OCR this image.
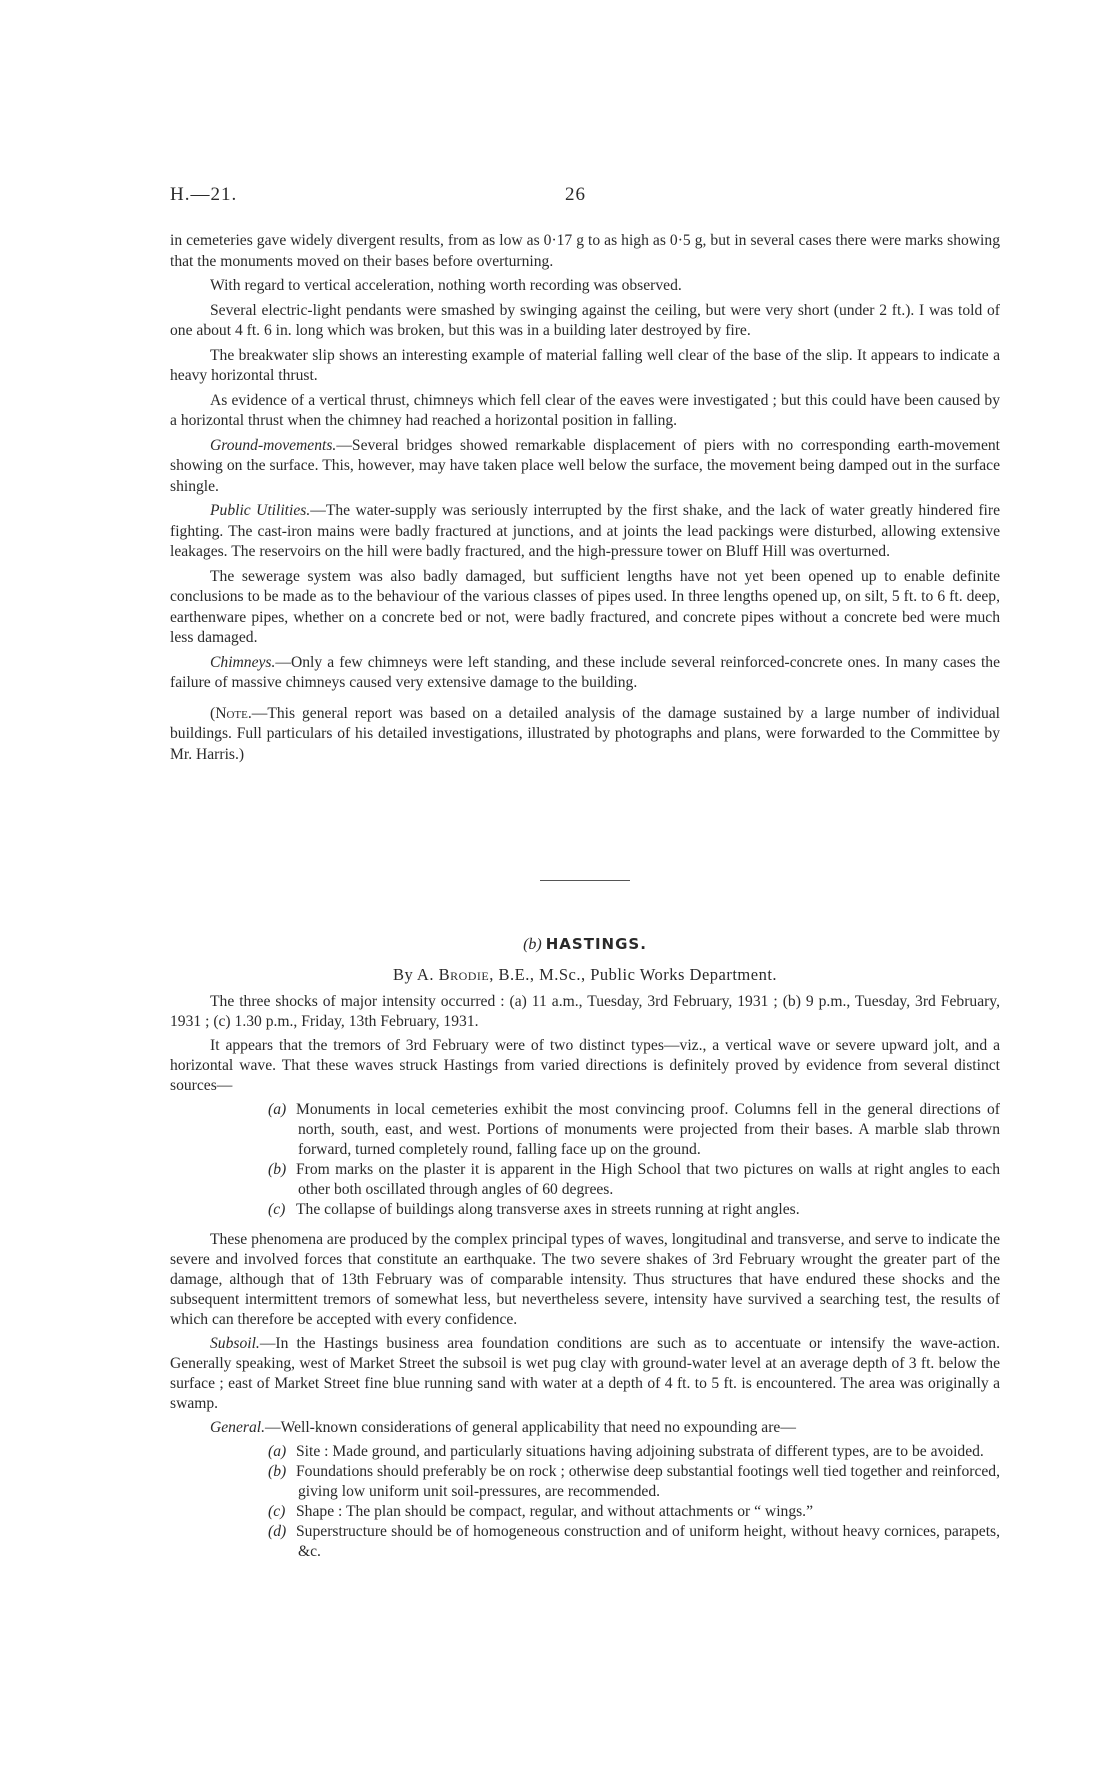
H.—21.	26

in cemeteries gave widely divergent results, from as low as 0·17 g to as high as 0·5 g, but in several cases there were marks showing that the monuments moved on their bases before overturning.

With regard to vertical acceleration, nothing worth recording was observed.

Several electric-light pendants were smashed by swinging against the ceiling, but were very short (under 2 ft.). I was told of one about 4 ft. 6 in. long which was broken, but this was in a building later destroyed by fire.

The breakwater slip shows an interesting example of material falling well clear of the base of the slip. It appears to indicate a heavy horizontal thrust.

As evidence of a vertical thrust, chimneys which fell clear of the eaves were investigated ; but this could have been caused by a horizontal thrust when the chimney had reached a horizontal position in falling.

Ground-movements.—Several bridges showed remarkable displacement of piers with no corresponding earth-movement showing on the surface. This, however, may have taken place well below the surface, the movement being damped out in the surface shingle.

Public Utilities.—The water-supply was seriously interrupted by the first shake, and the lack of water greatly hindered fire fighting. The cast-iron mains were badly fractured at junctions, and at joints the lead packings were disturbed, allowing extensive leakages. The reservoirs on the hill were badly fractured, and the high-pressure tower on Bluff Hill was overturned.

The sewerage system was also badly damaged, but sufficient lengths have not yet been opened up to enable definite conclusions to be made as to the behaviour of the various classes of pipes used. In three lengths opened up, on silt, 5 ft. to 6 ft. deep, earthenware pipes, whether on a concrete bed or not, were badly fractured, and concrete pipes without a concrete bed were much less damaged.

Chimneys.—Only a few chimneys were left standing, and these include several reinforced-concrete ones. In many cases the failure of massive chimneys caused very extensive damage to the building.

(Note.—This general report was based on a detailed analysis of the damage sustained by a large number of individual buildings. Full particulars of his detailed investigations, illustrated by photographs and plans, were forwarded to the Committee by Mr. Harris.)

(b) HASTINGS.
By A. Brodie, B.E., M.Sc., Public Works Department.

The three shocks of major intensity occurred : (a) 11 a.m., Tuesday, 3rd February, 1931 ; (b) 9 p.m., Tuesday, 3rd February, 1931 ; (c) 1.30 p.m., Friday, 13th February, 1931.

It appears that the tremors of 3rd February were of two distinct types—viz., a vertical wave or severe upward jolt, and a horizontal wave. That these waves struck Hastings from varied directions is definitely proved by evidence from several distinct sources—

(a) Monuments in local cemeteries exhibit the most convincing proof. Columns fell in the general directions of north, south, east, and west. Portions of monuments were projected from their bases. A marble slab thrown forward, turned completely round, falling face up on the ground.
(b) From marks on the plaster it is apparent in the High School that two pictures on walls at right angles to each other both oscillated through angles of 60 degrees.
(c) The collapse of buildings along transverse axes in streets running at right angles.

These phenomena are produced by the complex principal types of waves, longitudinal and transverse, and serve to indicate the severe and involved forces that constitute an earthquake. The two severe shakes of 3rd February wrought the greater part of the damage, although that of 13th February was of comparable intensity. Thus structures that have endured these shocks and the subsequent intermittent tremors of somewhat less, but nevertheless severe, intensity have survived a searching test, the results of which can therefore be accepted with every confidence.

Subsoil.—In the Hastings business area foundation conditions are such as to accentuate or intensify the wave-action. Generally speaking, west of Market Street the subsoil is wet pug clay with ground-water level at an average depth of 3 ft. below the surface ; east of Market Street fine blue running sand with water at a depth of 4 ft. to 5 ft. is encountered. The area was originally a swamp.

General.—Well-known considerations of general applicability that need no expounding are—

(a) Site : Made ground, and particularly situations having adjoining substrata of different types, are to be avoided.
(b) Foundations should preferably be on rock ; otherwise deep substantial footings well tied together and reinforced, giving low uniform unit soil-pressures, are recommended.
(c) Shape : The plan should be compact, regular, and without attachments or “ wings.”
(d) Superstructure should be of homogeneous construction and of uniform height, without heavy cornices, parapets, &c.
